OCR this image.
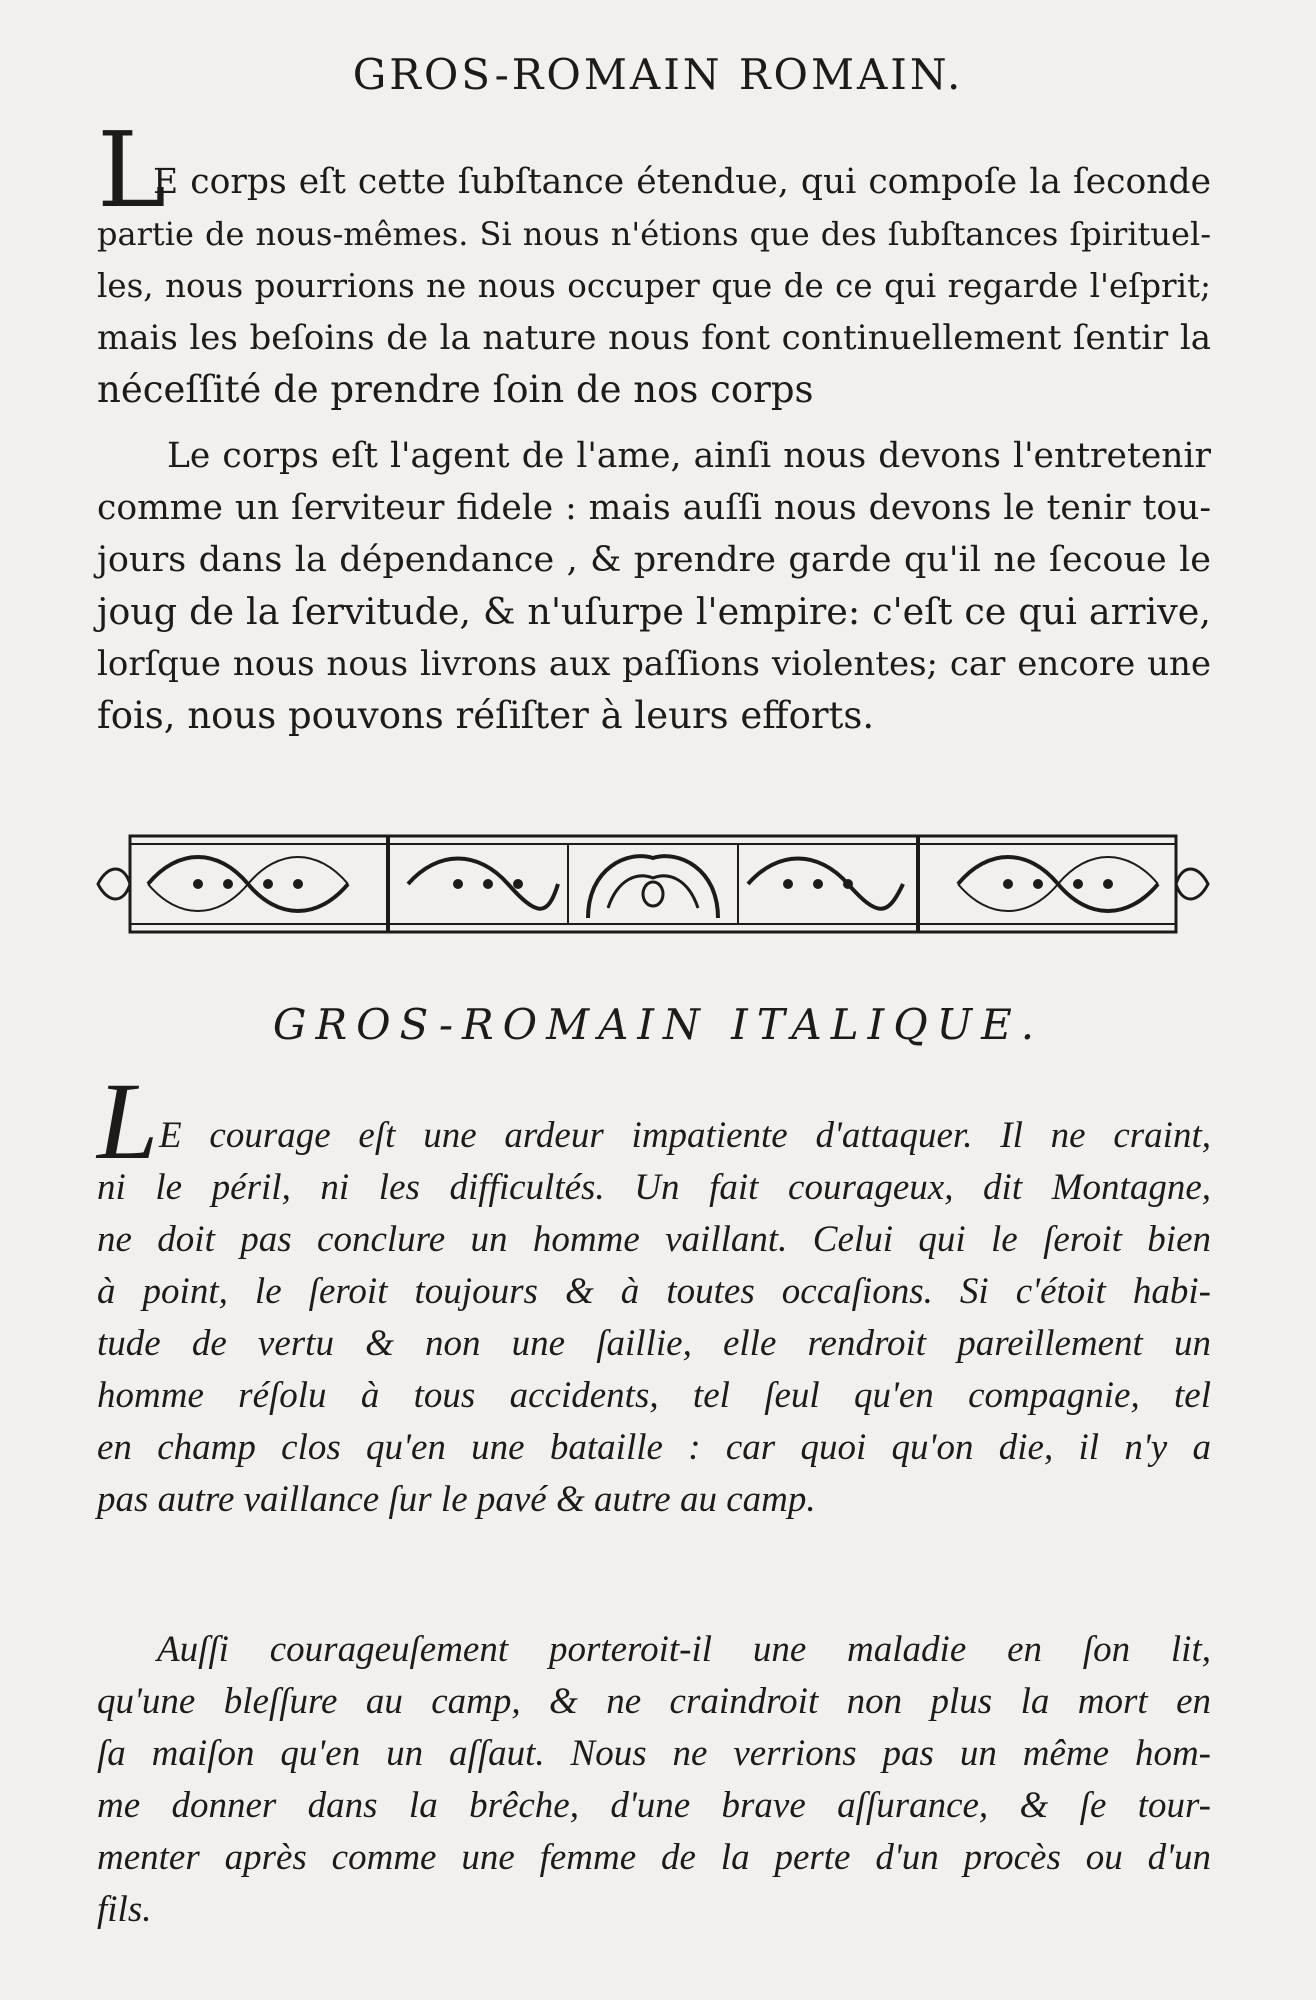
GROS-ROMAIN ROMAIN.
L
E corps eſt cette ſubſtance étendue, qui compoſe la ſeconde
partie de nous-mêmes. Si nous n'étions que des ſubſtances ſpirituel-
les, nous pourrions ne nous occuper que de ce qui regarde l'eſprit;
mais les beſoins de la nature nous font continuellement ſentir la
néceſſité de prendre ſoin de nos corps
Le corps eſt l'agent de l'ame, ainſi nous devons l'entretenir
comme un ſerviteur fidele : mais auſſi nous devons le tenir tou-
jours dans la dépendance , & prendre garde qu'il ne ſecoue le
joug de la ſervitude, & n'uſurpe l'empire: c'eſt ce qui arrive,
lorſque nous nous livrons aux paſſions violentes; car encore une
fois, nous pouvons réſiſter à leurs efforts.
GROS-ROMAIN ITALIQUE.
L E courage eſt une ardeur impatiente d'attaquer. Il ne craint,
ni le péril, ni les difficultés. Un fait courageux, dit Montagne,
ne doit pas conclure un homme vaillant. Celui qui le ſeroit bien
à point, le ſeroit toujours & à toutes occaſions. Si c'étoit habi-
tude de vertu & non une ſaillie, elle rendroit pareillement un
homme réſolu à tous accidents, tel ſeul qu'en compagnie, tel
en champ clos qu'en une bataille : car quoi qu'on die, il n'y a
pas autre vaillance ſur le pavé & autre au camp.
Auſſi courageuſement porteroit-il une maladie en ſon lit,
qu'une bleſſure au camp, & ne craindroit non plus la mort en
ſa maiſon qu'en un aſſaut. Nous ne verrions pas un même hom-
me donner dans la brêche, d'une brave aſſurance, & ſe tour-
menter après comme une femme de la perte d'un procès ou d'un
fils.
